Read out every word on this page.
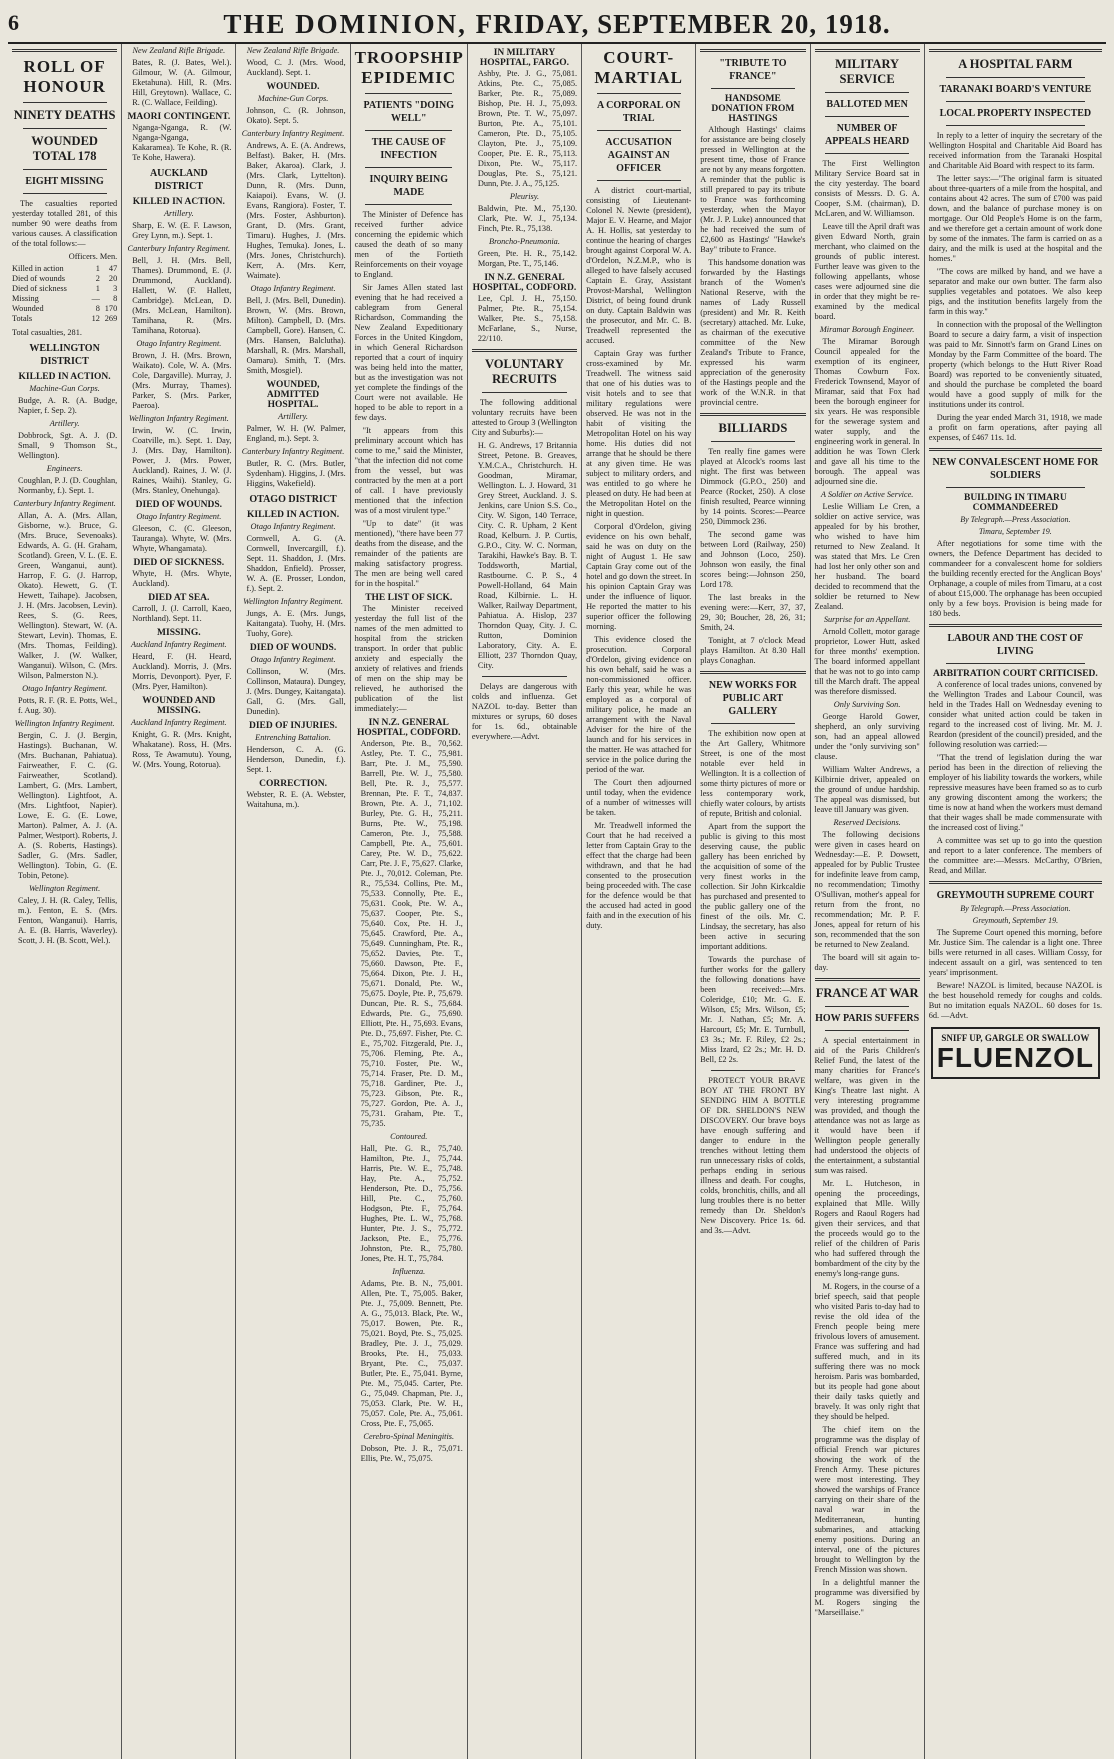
6	THE DOMINION, FRIDAY, SEPTEMBER 20, 1918.
ROLL OF HONOUR
NINETY DEATHS
WOUNDED TOTAL 178
EIGHT MISSING

The casualties reported yesterday totalled 281, of this number 90 were deaths from various causes. A classification of the total follows:—

Officers. Men.
Killed in action	1	47
Died of wounds	2	20
Died of sickness	1	3
Missing	—	8
Wounded	8	170
Totals	12	269

Total casualties, 281.

WELLINGTON DISTRICT
KILLED IN ACTION.
Machine-Gun Corps.

Budge, A. R. (A. Budge, Napier, f. Sep. 2).

Artillery.

Dobbrock, Sgt. A. J. (D. Small, 9 Thomson St., Wellington).

Engineers.

Coughlan, P. J. (D. Coughlan, Normanby, f.). Sept. 1.

Canterbury Infantry Regiment.

Allan, A. A. (Mrs. Allan, Gisborne, w.). Bruce, G. (Mrs. Bruce, Sevenoaks). Edwards, A. G. (H. Graham, Scotland). Green, V. L. (E. E. Green, Wanganui, aunt). Harrop, F. G. (J. Harrop, Okato). Hewett, G. (T. Hewett, Taihape). Jacobsen, J. H. (Mrs. Jacobsen, Levin). Rees, S. (G. Rees, Wellington). Stewart, W. (A. Stewart, Levin). Thomas, E. (Mrs. Thomas, Feilding). Walker, J. (W. Walker, Wanganui). Wilson, C. (Mrs. Wilson, Palmerston N.).

Otago Infantry Regiment.

Potts, R. F. (R. E. Potts, Wel., f. Aug. 30).

Wellington Infantry Regiment.

Bergin, C. J. (J. Bergin, Hastings). Buchanan, W. (Mrs. Buchanan, Pahiatua). Fairweather, F. C. (G. Fairweather, Scotland). Lambert, G. (Mrs. Lambert, Wellington). Lightfoot, A. (Mrs. Lightfoot, Napier). Lowe, E. G. (E. Lowe, Marton). Palmer, A. J. (A. Palmer, Westport). Roberts, J. A. (S. Roberts, Hastings). Sadler, G. (Mrs. Sadler, Wellington). Tobin, G. (E. Tobin, Petone).

Wellington Regiment.

Caley, J. H. (R. Caley, Tellis, m.). Fenton, E. S. (Mrs. Fenton, Wanganui). Harris, A. E. (B. Harris, Waverley). Scott, J. H. (B. Scott, Wel.).

New Zealand Rifle Brigade.

Bates, R. (J. Bates, Wel.). Gilmour, W. (A. Gilmour, Eketahuna). Hill, R. (Mrs. Hill, Greytown). Wallace, C. R. (C. Wallace, Feilding).

MAORI CONTINGENT.

Nganga-Nganga, R. (W. Nganga-Nganga, Kakaramea). Te Kohe, R. (R. Te Kohe, Hawera).

AUCKLAND DISTRICT
KILLED IN ACTION.
Artillery.

Sharp, E. W. (E. F. Lawson, Grey Lynn, m.). Sept. 1.

Canterbury Infantry Regiment.

Bell, J. H. (Mrs. Bell, Thames). Drummond, E. (J. Drummond, Auckland). Hallett, W. (F. Hallett, Cambridge). McLean, D. (Mrs. McLean, Hamilton). Tamihana, R. (Mrs. Tamihana, Rotorua).

Otago Infantry Regiment.

Brown, J. H. (Mrs. Brown, Waikato). Cole, W. A. (Mrs. Cole, Dargaville). Murray, J. (Mrs. Murray, Thames). Parker, S. (Mrs. Parker, Paeroa).

Wellington Infantry Regiment.

Irwin, W. (C. Irwin, Coatville, m.). Sept. 1. Day, J. (Mrs. Day, Hamilton). Power, J. (Mrs. Power, Auckland). Raines, J. W. (J. Raines, Waihi). Stanley, G. (Mrs. Stanley, Onehunga).

DIED OF WOUNDS.
Otago Infantry Regiment.

Gleeson, C. (C. Gleeson, Tauranga). Whyte, W. (Mrs. Whyte, Whangamata).

DIED OF SICKNESS.

Whyte, H. (Mrs. Whyte, Auckland).

DIED AT SEA.

Carroll, J. (J. Carroll, Kaeo, Northland). Sept. 11.

MISSING.
Auckland Infantry Regiment.

Heard, F. (H. Heard, Auckland). Morris, J. (Mrs. Morris, Devonport). Pyer, F. (Mrs. Pyer, Hamilton).

WOUNDED AND MISSING.
Auckland Infantry Regiment.

Knight, G. R. (Mrs. Knight, Whakatane). Ross, H. (Mrs. Ross, Te Awamutu). Young, W. (Mrs. Young, Rotorua).

New Zealand Rifle Brigade.

Wood, C. J. (Mrs. Wood, Auckland). Sept. 1.

WOUNDED.
Machine-Gun Corps.

Johnson, C. (R. Johnson, Okato). Sept. 5.

Canterbury Infantry Regiment.

Andrews, A. E. (A. Andrews, Belfast). Baker, H. (Mrs. Baker, Akaroa). Clark, J. (Mrs. Clark, Lyttelton). Dunn, R. (Mrs. Dunn, Kaiapoi). Evans, W. (J. Evans, Rangiora). Foster, T. (Mrs. Foster, Ashburton). Grant, D. (Mrs. Grant, Timaru). Hughes, J. (Mrs. Hughes, Temuka). Jones, L. (Mrs. Jones, Christchurch). Kerr, A. (Mrs. Kerr, Waimate).

Otago Infantry Regiment.

Bell, J. (Mrs. Bell, Dunedin). Brown, W. (Mrs. Brown, Milton). Campbell, D. (Mrs. Campbell, Gore). Hansen, C. (Mrs. Hansen, Balclutha). Marshall, R. (Mrs. Marshall, Oamaru). Smith, T. (Mrs. Smith, Mosgiel).

WOUNDED, ADMITTED HOSPITAL.
Artillery.

Palmer, W. H. (W. Palmer, England, m.). Sept. 3.

Canterbury Infantry Regiment.

Butler, R. C. (Mrs. Butler, Sydenham). Higgins, J. (Mrs. Higgins, Wakefield).

OTAGO DISTRICT
KILLED IN ACTION.
Otago Infantry Regiment.

Cornwell, A. G. (A. Cornwell, Invercargill, f.). Sept. 11. Shaddon, J. (Mrs. Shaddon, Enfield). Prosser, W. A. (E. Prosser, London, f.). Sept. 2.

Wellington Infantry Regiment.

Jungs, A. E. (Mrs. Jungs, Kaitangata). Tuohy, H. (Mrs. Tuohy, Gore).

DIED OF WOUNDS.
Otago Infantry Regiment.

Collinson, W. (Mrs. Collinson, Mataura). Dungey, J. (Mrs. Dungey, Kaitangata). Gall, G. (Mrs. Gall, Dunedin).

DIED OF INJURIES.
Entrenching Battalion.

Henderson, C. A. (G. Henderson, Dunedin, f.). Sept. 1.

CORRECTION.

Webster, R. E. (A. Webster, Waitahuna, m.).

TROOPSHIP EPIDEMIC
PATIENTS "DOING WELL"
THE CAUSE OF INFECTION
INQUIRY BEING MADE

The Minister of Defence has received further advice concerning the epidemic which caused the death of so many men of the Fortieth Reinforcements on their voyage to England.

Sir James Allen stated last evening that he had received a cablegram from General Richardson, Commanding the New Zealand Expeditionary Forces in the United Kingdom, in which General Richardson reported that a court of inquiry was being held into the matter, but as the investigation was not yet complete the findings of the Court were not available. He hoped to be able to report in a few days.

"It appears from this preliminary account which has come to me," said the Minister, "that the infection did not come from the vessel, but was contracted by the men at a port of call. I have previously mentioned that the infection was of a most virulent type."

"Up to date" (it was mentioned), "there have been 77 deaths from the disease, and the remainder of the patients are making satisfactory progress. The men are being well cared for in the hospital."

THE LIST OF SICK.

The Minister received yesterday the full list of the names of the men admitted to hospital from the stricken transport. In order that public anxiety and especially the anxiety of relatives and friends of men on the ship may be relieved, he authorised the publication of the list immediately:—

IN N.Z. GENERAL HOSPITAL, CODFORD.

Anderson, Pte. B., 70,562. Astley, Pte. T. C., 75,981. Barr, Pte. J. M., 75,590. Barrell, Pte. W. J., 75,580. Bell, Pte. R. J., 75,577. Brennan, Pte. F. T., 74,837. Brown, Pte. A. J., 71,102. Burley, Pte. G. H., 75,211. Burns, Pte. W., 75,198. Cameron, Pte. J., 75,588. Campbell, Pte. A., 75,601. Carey, Pte. W. D., 75,622. Carr, Pte. J. F., 75,627. Clarke, Pte. J., 70,012. Coleman, Pte. R., 75,534. Collins, Pte. M., 75,533. Connolly, Pte. E., 75,631. Cook, Pte. W. A., 75,637. Cooper, Pte. S., 75,640. Cox, Pte. H. J., 75,645. Crawford, Pte. A., 75,649. Cunningham, Pte. R., 75,652. Davies, Pte. T., 75,660. Dawson, Pte. F., 75,664. Dixon, Pte. J. H., 75,671. Donald, Pte. W., 75,675. Doyle, Pte. P., 75,679. Duncan, Pte. R. S., 75,684. Edwards, Pte. G., 75,690. Elliott, Pte. H., 75,693. Evans, Pte. D., 75,697. Fisher, Pte. C. E., 75,702. Fitzgerald, Pte. J., 75,706. Fleming, Pte. A., 75,710. Foster, Pte. W., 75,714. Fraser, Pte. D. M., 75,718. Gardiner, Pte. J., 75,723. Gibson, Pte. R., 75,727. Gordon, Pte. A. J., 75,731. Graham, Pte. T., 75,735.

Contoured.

Hall, Pte. G. R., 75,740. Hamilton, Pte. J., 75,744. Harris, Pte. W. E., 75,748. Hay, Pte. A., 75,752. Henderson, Pte. D., 75,756. Hill, Pte. C., 75,760. Hodgson, Pte. F., 75,764. Hughes, Pte. L. W., 75,768. Hunter, Pte. J. S., 75,772. Jackson, Pte. E., 75,776. Johnston, Pte. R., 75,780. Jones, Pte. H. T., 75,784.

Influenza.

Adams, Pte. B. N., 75,001. Allen, Pte. T., 75,005. Baker, Pte. J., 75,009. Bennett, Pte. A. G., 75,013. Black, Pte. W., 75,017. Bowen, Pte. R., 75,021. Boyd, Pte. S., 75,025. Bradley, Pte. J. J., 75,029. Brooks, Pte. H., 75,033. Bryant, Pte. C., 75,037. Butler, Pte. E., 75,041. Byrne, Pte. M., 75,045. Carter, Pte. G., 75,049. Chapman, Pte. J., 75,053. Clark, Pte. W. H., 75,057. Cole, Pte. A., 75,061. Cross, Pte. F., 75,065.

Cerebro-Spinal Meningitis.

Dobson, Pte. J. R., 75,071. Ellis, Pte. W., 75,075.

IN MILITARY HOSPITAL, FARGO.

Ashby, Pte. J. G., 75,081. Atkins, Pte. C., 75,085. Barker, Pte. R., 75,089. Bishop, Pte. H. J., 75,093. Brown, Pte. T. W., 75,097. Burton, Pte. A., 75,101. Cameron, Pte. D., 75,105. Clayton, Pte. J., 75,109. Cooper, Pte. E. R., 75,113. Dixon, Pte. W., 75,117. Douglas, Pte. S., 75,121. Dunn, Pte. J. A., 75,125.

Pleurisy.

Baldwin, Pte. M., 75,130. Clark, Pte. W. J., 75,134. Finch, Pte. R., 75,138.

Broncho-Pneumonia.

Green, Pte. H. R., 75,142. Morgan, Pte. T., 75,146.

IN N.Z. GENERAL HOSPITAL, CODFORD.

Lee, Cpl. J. H., 75,150. Palmer, Pte. R., 75,154. Walker, Pte. S., 75,158. McFarlane, S., Nurse, 22/110.

VOLUNTARY RECRUITS

The following additional voluntary recruits have been attested to Group 3 (Wellington City and Suburbs):—

H. G. Andrews, 17 Britannia Street, Petone. B. Greaves, Y.M.C.A., Christchurch. H. Goodman, Miramar, Wellington. L. J. Howard, 31 Grey Street, Auckland. J. S. Jenkins, care Union S.S. Co., City. W. Sigon, 140 Terrace, City. C. R. Upham, 2 Kent Road, Kelburn. J. P. Curtis, G.P.O., City. W. C. Norman, Tarakihi, Hawke's Bay. B. T. Toddsworth, Martial, Rastbourne. C. P. S., 4 Powell-Holland, 64 Main Road, Kilbirnie. L. H. Walker, Railway Department, Pahiatua. A. Hislop, 237 Thorndon Quay, City. J. C. Rutton, Dominion Laboratory, City. A. E. Elliott, 237 Thorndon Quay, City.

Delays are dangerous with colds and influenza. Get NAZOL to-day. Better than mixtures or syrups, 60 doses for 1s. 6d., obtainable everywhere.—Advt.

COURT-MARTIAL
A CORPORAL ON TRIAL
ACCUSATION AGAINST AN OFFICER

A district court-martial, consisting of Lieutenant-Colonel N. Newte (president), Major E. V. Hearne, and Major A. H. Hollis, sat yesterday to continue the hearing of charges brought against Corporal W. A. d'Ordelon, N.Z.M.P., who is alleged to have falsely accused Captain E. Gray, Assistant Provost-Marshal, Wellington District, of being found drunk on duty. Captain Baldwin was the prosecutor, and Mr. C. B. Treadwell represented the accused.

Captain Gray was further cross-examined by Mr. Treadwell. The witness said that one of his duties was to visit hotels and to see that military regulations were observed. He was not in the habit of visiting the Metropolitan Hotel on his way home. His duties did not arrange that he should be there at any given time. He was subject to military orders, and was entitled to go where he pleased on duty. He had been at the Metropolitan Hotel on the night in question.

Corporal d'Ordelon, giving evidence on his own behalf, said he was on duty on the night of August 1. He saw Captain Gray come out of the hotel and go down the street. In his opinion Captain Gray was under the influence of liquor. He reported the matter to his superior officer the following morning.

This evidence closed the prosecution. Corporal d'Ordelon, giving evidence on his own behalf, said he was a non-commissioned officer. Early this year, while he was employed as a corporal of military police, he made an arrangement with the Naval Adviser for the hire of the launch and for his services in the matter. He was attached for service in the police during the period of the war.

The Court then adjourned until today, when the evidence of a number of witnesses will be taken.

Mr. Treadwell informed the Court that he had received a letter from Captain Gray to the effect that the charge had been withdrawn, and that he had consented to the prosecution being proceeded with. The case for the defence would be that the accused had acted in good faith and in the execution of his duty.

"TRIBUTE TO FRANCE"
HANDSOME DONATION FROM HASTINGS

Although Hastings' claims for assistance are being closely pressed in Wellington at the present time, those of France are not by any means forgotten. A reminder that the public is still prepared to pay its tribute to France was forthcoming yesterday, when the Mayor (Mr. J. P. Luke) announced that he had received the sum of £2,600 as Hastings' "Hawke's Bay" tribute to France.

This handsome donation was forwarded by the Hastings branch of the Women's National Reserve, with the names of Lady Russell (president) and Mr. R. Keith (secretary) attached. Mr. Luke, as chairman of the executive committee of the New Zealand's Tribute to France, expressed his warm appreciation of the generosity of the Hastings people and the work of the W.N.R. in that provincial centre.

BILLIARDS

Ten really fine games were played at Alcock's rooms last night. The first was between Dimmock (G.P.O., 250) and Pearce (Rocket, 250). A close finish resulted, Pearce winning by 14 points. Scores:—Pearce 250, Dimmock 236.

The second game was between Lord (Railway, 250) and Johnson (Loco, 250). Johnson won easily, the final scores being:—Johnson 250, Lord 178.

The last breaks in the evening were:—Kerr, 37, 37, 29, 30; Boucher, 28, 26, 31; Smith, 24.

Tonight, at 7 o'clock Mead plays Hamilton. At 8.30 Hall plays Conaghan.

NEW WORKS FOR PUBLIC ART GALLERY

The exhibition now open at the Art Gallery, Whitmore Street, is one of the most notable ever held in Wellington. It is a collection of some thirty pictures of more or less contemporary work, chiefly water colours, by artists of repute, British and colonial.

Apart from the support the public is giving to this most deserving cause, the public gallery has been enriched by the acquisition of some of the very finest works in the collection. Sir John Kirkcaldie has purchased and presented to the public gallery one of the finest of the oils. Mr. C. Lindsay, the secretary, has also been active in securing important additions.

Towards the purchase of further works for the gallery the following donations have been received:—Mrs. Coleridge, £10; Mr. G. E. Wilson, £5; Mrs. Wilson, £5; Mr. J. Nathan, £5; Mr. A. Harcourt, £5; Mr. E. Turnbull, £3 3s.; Mr. F. Riley, £2 2s.; Miss Izard, £2 2s.; Mr. H. D. Bell, £2 2s.

PROTECT YOUR BRAVE BOY AT THE FRONT BY SENDING HIM A BOTTLE OF DR. SHELDON'S NEW DISCOVERY. Our brave boys have enough suffering and danger to endure in the trenches without letting them run unnecessary risks of colds, perhaps ending in serious illness and death. For coughs, colds, bronchitis, chills, and all lung troubles there is no better remedy than Dr. Sheldon's New Discovery. Price 1s. 6d. and 3s.—Advt.

MILITARY SERVICE
BALLOTED MEN
NUMBER OF APPEALS HEARD

The First Wellington Military Service Board sat in the city yesterday. The board consists of Messrs. D. G. A. Cooper, S.M. (chairman), D. McLaren, and W. Williamson.

Leave till the April draft was given Edward North, grain merchant, who claimed on the grounds of public interest. Further leave was given to the following appellants, whose cases were adjourned sine die in order that they might be re-examined by the medical board.

Miramar Borough Engineer.

The Miramar Borough Council appealed for the exemption of its engineer, Thomas Cowburn Fox. Frederick Townsend, Mayor of Miramar, said that Fox had been the borough engineer for six years. He was responsible for the sewerage system and water supply, and the engineering work in general. In addition he was Town Clerk and gave all his time to the borough. The appeal was adjourned sine die.

A Soldier on Active Service.

Leslie William Le Cren, a soldier on active service, was appealed for by his brother, who wished to have him returned to New Zealand. It was stated that Mrs. Le Cren had lost her only other son and her husband. The board decided to recommend that the soldier be returned to New Zealand.

Surprise for an Appellant.

Arnold Collett, motor garage proprietor, Lower Hutt, asked for three months' exemption. The board informed appellant that he was not to go into camp till the March draft. The appeal was therefore dismissed.

Only Surviving Son.

George Harold Gower, shepherd, an only surviving son, had an appeal allowed under the "only surviving son" clause.

William Walter Andrews, a Kilbirnie driver, appealed on the ground of undue hardship. The appeal was dismissed, but leave till January was given.

Reserved Decisions.

The following decisions were given in cases heard on Wednesday:—E. P. Dowsett, appealed for by Public Trustee for indefinite leave from camp, no recommendation; Timothy O'Sullivan, mother's appeal for return from the front, no recommendation; Mr. P. F. Jones, appeal for return of his son, recommended that the son be returned to New Zealand.

The board will sit again to-day.

FRANCE AT WAR
HOW PARIS SUFFERS

A special entertainment in aid of the Paris Children's Relief Fund, the latest of the many charities for France's welfare, was given in the King's Theatre last night. A very interesting programme was provided, and though the attendance was not as large as it would have been if Wellington people generally had understood the objects of the entertainment, a substantial sum was raised.

Mr. L. Hutcheson, in opening the proceedings, explained that Mlle. Willy Rogers and Raoul Rogers had given their services, and that the proceeds would go to the relief of the children of Paris who had suffered through the bombardment of the city by the enemy's long-range guns.

M. Rogers, in the course of a brief speech, said that people who visited Paris to-day had to revise the old idea of the French people being mere frivolous lovers of amusement. France was suffering and had suffered much, and in its suffering there was no mock heroism. Paris was bombarded, but its people had gone about their daily tasks quietly and bravely. It was only right that they should be helped.

The chief item on the programme was the display of official French war pictures showing the work of the French Army. These pictures were most interesting. They showed the warships of France carrying on their share of the naval war in the Mediterranean, hunting submarines, and attacking enemy positions. During an interval, one of the pictures brought to Wellington by the French Mission was shown.

In a delightful manner the programme was diversified by M. Rogers singing the "Marseillaise."

A HOSPITAL FARM
TARANAKI BOARD'S VENTURE
LOCAL PROPERTY INSPECTED

In reply to a letter of inquiry the secretary of the Wellington Hospital and Charitable Aid Board has received information from the Taranaki Hospital and Charitable Aid Board with respect to its farm.

The letter says:—"The original farm is situated about three-quarters of a mile from the hospital, and contains about 42 acres. The sum of £700 was paid down, and the balance of purchase money is on mortgage. Our Old People's Home is on the farm, and we therefore get a certain amount of work done by some of the inmates. The farm is carried on as a dairy, and the milk is used at the hospital and the homes."

"The cows are milked by hand, and we have a separator and make our own butter. The farm also supplies vegetables and potatoes. We also keep pigs, and the institution benefits largely from the farm in this way."

In connection with the proposal of the Wellington Board to secure a dairy farm, a visit of inspection was paid to Mr. Sinnott's farm on Grand Lines on Monday by the Farm Committee of the board. The property (which belongs to the Hutt River Road Board) was reported to be conveniently situated, and should the purchase be completed the board would have a good supply of milk for the institutions under its control.

During the year ended March 31, 1918, we made a profit on farm operations, after paying all expenses, of £467 11s. 1d.

NEW CONVALESCENT HOME FOR SOLDIERS
BUILDING IN TIMARU COMMANDEERED
By Telegraph.—Press Association.
Timaru, September 19.

After negotiations for some time with the owners, the Defence Department has decided to commandeer for a convalescent home for soldiers the building recently erected for the Anglican Boys' Orphanage, a couple of miles from Timaru, at a cost of about £15,000. The orphanage has been occupied only by a few boys. Provision is being made for 180 beds.

LABOUR AND THE COST OF LIVING
ARBITRATION COURT CRITICISED.

A conference of local trades unions, convened by the Wellington Trades and Labour Council, was held in the Trades Hall on Wednesday evening to consider what united action could be taken in regard to the increased cost of living. Mr. M. J. Reardon (president of the council) presided, and the following resolution was carried:—

"That the trend of legislation during the war period has been in the direction of relieving the employer of his liability towards the workers, while repressive measures have been framed so as to curb any growing discontent among the workers; the time is now at hand when the workers must demand that their wages shall be made commensurate with the increased cost of living."

A committee was set up to go into the question and report to a later conference. The members of the committee are:—Messrs. McCarthy, O'Brien, Read, and Millar.

GREYMOUTH SUPREME COURT
By Telegraph.—Press Association.
Greymouth, September 19.

The Supreme Court opened this morning, before Mr. Justice Sim. The calendar is a light one. Three bills were returned in all cases. William Cossy, for indecent assault on a girl, was sentenced to ten years' imprisonment.

Beware! NAZOL is limited, because NAZOL is the best household remedy for coughs and colds. But no imitation equals NAZOL. 60 doses for 1s. 6d. —Advt.

SNIFF UP, GARGLE OR SWALLOW
FLUENZOL
